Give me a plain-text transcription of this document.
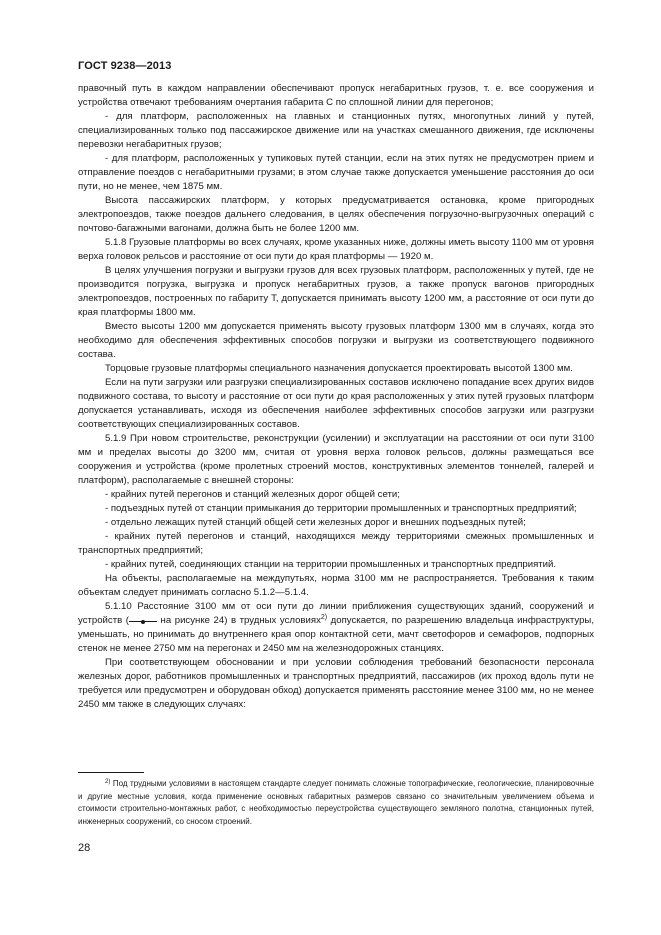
ГОСТ 9238—2013

правочный путь в каждом направлении обеспечивают пропуск негабаритных грузов, т. е. все сооружения и устройства отвечают требованиям очертания габарита С по сплошной линии для перегонов;

- для платформ, расположенных на главных и станционных путях, многопутных линий у путей, специализированных только под пассажирское движение или на участках смешанного движения, где исключены перевозки негабаритных грузов;

- для платформ, расположенных у тупиковых путей станции, если на этих путях не предусмотрен прием и отправление поездов с негабаритными грузами; в этом случае также допускается уменьшение расстояния до оси пути, но не менее, чем 1875 мм.

Высота пассажирских платформ, у которых предусматривается остановка, кроме пригородных электропоездов, также поездов дальнего следования, в целях обеспечения погрузочно-выгрузочных операций с почтово-багажными вагонами, должна быть не более 1200 мм.

5.1.8 Грузовые платформы во всех случаях, кроме указанных ниже, должны иметь высоту 1100 мм от уровня верха головок рельсов и расстояние от оси пути до края платформы — 1920 м.

В целях улучшения погрузки и выгрузки грузов для всех грузовых платформ, расположенных у путей, где не производится погрузка, выгрузка и пропуск негабаритных грузов, а также пропуск вагонов пригородных электропоездов, построенных по габариту Т, допускается принимать высоту 1200 мм, а расстояние от оси пути до края платформы 1800 мм.

Вместо высоты 1200 мм допускается применять высоту грузовых платформ 1300 мм в случаях, когда это необходимо для обеспечения эффективных способов погрузки и выгрузки из соответствующего подвижного состава.

Торцовые грузовые платформы специального назначения допускается проектировать высотой 1300 мм.

Если на пути загрузки или разгрузки специализированных составов исключено попадание всех других видов подвижного состава, то высоту и расстояние от оси пути до края расположенных у этих путей грузовых платформ допускается устанавливать, исходя из обеспечения наиболее эффективных способов загрузки или разгрузки соответствующих специализированных составов.

5.1.9 При новом строительстве, реконструкции (усилении) и эксплуатации на расстоянии от оси пути 3100 мм и пределах высоты до 3200 мм, считая от уровня верха головок рельсов, должны размещаться все сооружения и устройства (кроме пролетных строений мостов, конструктивных элементов тоннелей, галерей и платформ), располагаемые с внешней стороны:

- крайних путей перегонов и станций железных дорог общей сети;

- подъездных путей от станции примыкания до территории промышленных и транспортных предприятий;

- отдельно лежащих путей станций общей сети железных дорог и внешних подъездных путей;

- крайних путей перегонов и станций, находящихся между территориями смежных промышленных и транспортных предприятий;

- крайних путей, соединяющих станции на территории промышленных и транспортных предприятий.

На объекты, располагаемые на междупутьях, норма 3100 мм не распространяется. Требования к таким объектам следует принимать согласно 5.1.2—5.1.4.

5.1.10 Расстояние 3100 мм от оси пути до линии приближения существующих зданий, сооружений и устройств (	на рисунке 24) в трудных условиях$^{2)}$ допускается, по разрешению владельца инфраструктуры, уменьшать, но принимать до внутреннего края опор контактной сети, мачт светофоров и семафоров, подпорных стенок не менее 2750 мм на перегонах и 2450 мм на железнодорожных станциях.

При соответствующем обосновании и при условии соблюдения требований безопасности персонала железных дорог, работников промышленных и транспортных предприятий, пассажиров (их проход вдоль пути не требуется или предусмотрен и оборудован обход) допускается применять расстояние менее 3100 мм, но не менее 2450 мм также в следующих случаях:

$^{2)}$ Под трудными условиями в настоящем стандарте следует понимать сложные топографические, геологические, планировочные и другие местные условия, когда применение основных габаритных размеров связано со значительным увеличением объема и стоимости строительно-монтажных работ, с необходимостью переустройства существующего земляного полотна, станционных путей, инженерных сооружений, со сносом строений.

28
